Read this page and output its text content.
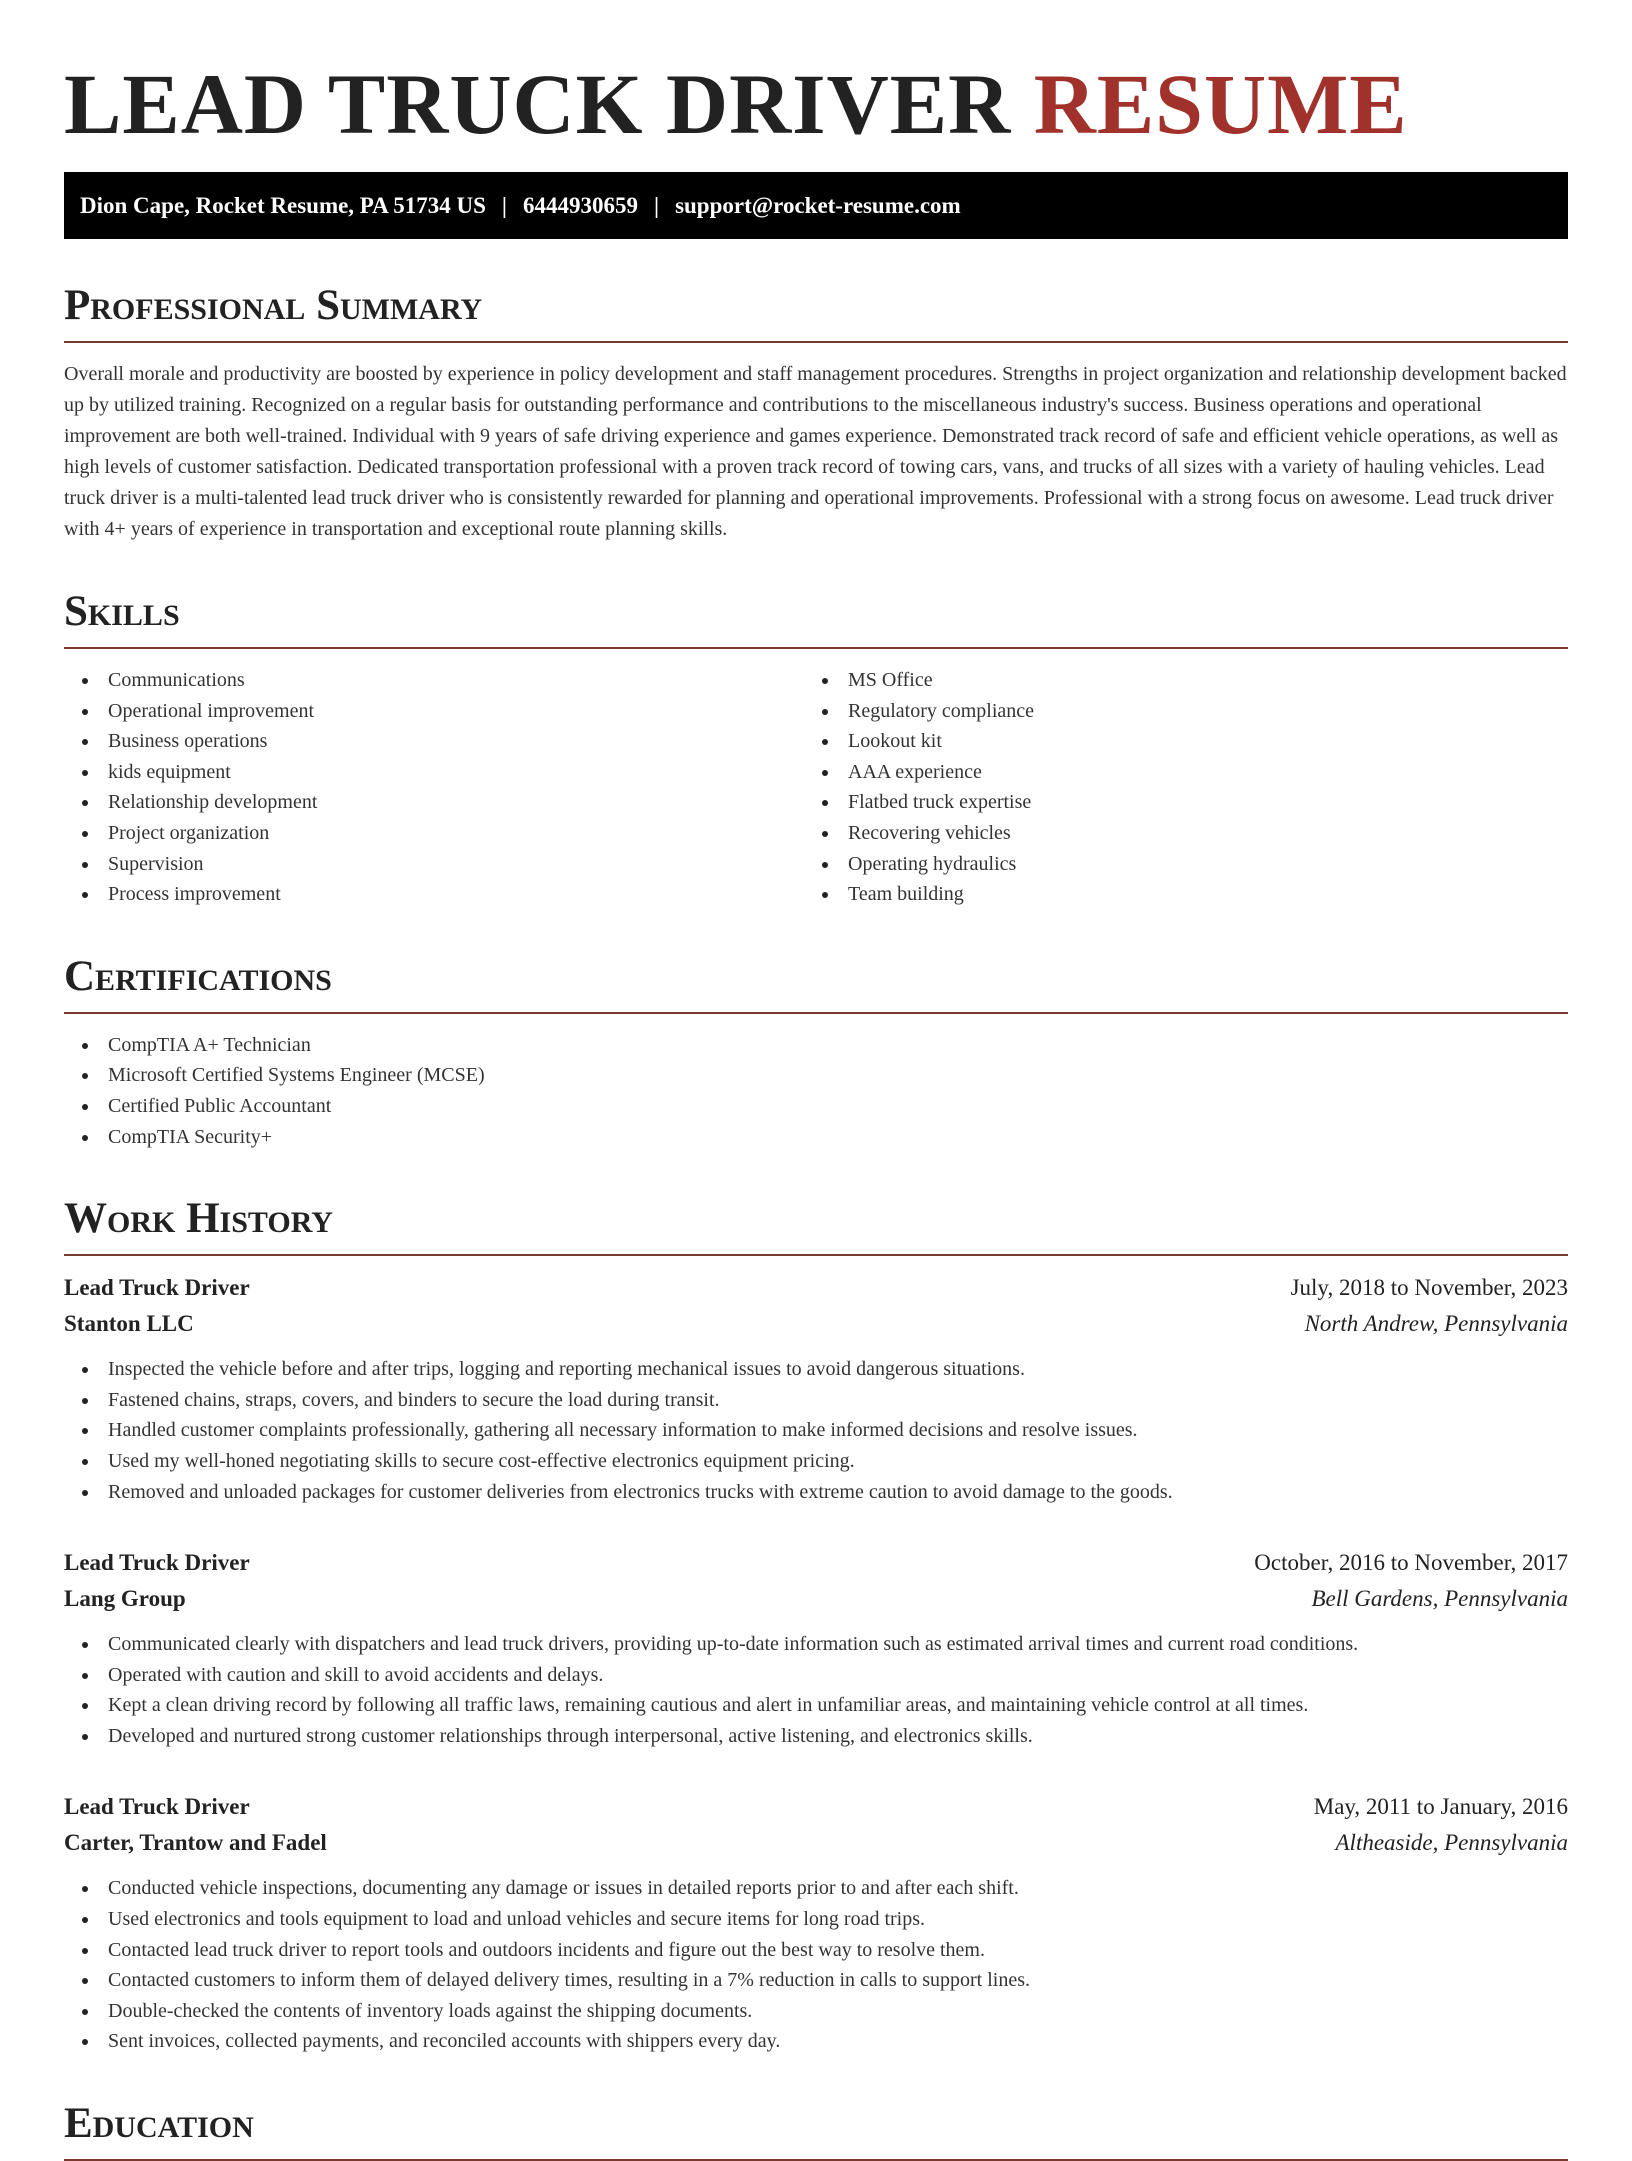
LEAD TRUCK DRIVER RESUME
Dion Cape, Rocket Resume, PA 51734 US | 6444930659 | support@rocket-resume.com
Professional Summary

Overall morale and productivity are boosted by experience in policy development and staff management procedures. Strengths in project organization and relationship development backed up by utilized training. Recognized on a regular basis for outstanding performance and contributions to the miscellaneous industry's success. Business operations and operational improvement are both well-trained. Individual with 9 years of safe driving experience and games experience. Demonstrated track record of safe and efficient vehicle operations, as well as high levels of customer satisfaction. Dedicated transportation professional with a proven track record of towing cars, vans, and trucks of all sizes with a variety of hauling vehicles. Lead truck driver is a multi-talented lead truck driver who is consistently rewarded for planning and operational improvements. Professional with a strong focus on awesome. Lead truck driver with 4+ years of experience in transportation and exceptional route planning skills.

Skills
Communications
Operational improvement
Business operations
kids equipment
Relationship development
Project organization
Supervision
Process improvement
MS Office
Regulatory compliance
Lookout kit
AAA experience
Flatbed truck expertise
Recovering vehicles
Operating hydraulics
Team building
Certifications
CompTIA A+ Technician
Microsoft Certified Systems Engineer (MCSE)
Certified Public Accountant
CompTIA Security+
Work History
Lead Truck Driver	July, 2018 to November, 2023
Stanton LLC	North Andrew, Pennsylvania
Inspected the vehicle before and after trips, logging and reporting mechanical issues to avoid dangerous situations.
Fastened chains, straps, covers, and binders to secure the load during transit.
Handled customer complaints professionally, gathering all necessary information to make informed decisions and resolve issues.
Used my well-honed negotiating skills to secure cost-effective electronics equipment pricing.
Removed and unloaded packages for customer deliveries from electronics trucks with extreme caution to avoid damage to the goods.
Lead Truck Driver	October, 2016 to November, 2017
Lang Group	Bell Gardens, Pennsylvania
Communicated clearly with dispatchers and lead truck drivers, providing up-to-date information such as estimated arrival times and current road conditions.
Operated with caution and skill to avoid accidents and delays.
Kept a clean driving record by following all traffic laws, remaining cautious and alert in unfamiliar areas, and maintaining vehicle control at all times.
Developed and nurtured strong customer relationships through interpersonal, active listening, and electronics skills.
Lead Truck Driver	May, 2011 to January, 2016
Carter, Trantow and Fadel	Altheaside, Pennsylvania
Conducted vehicle inspections, documenting any damage or issues in detailed reports prior to and after each shift.
Used electronics and tools equipment to load and unload vehicles and secure items for long road trips.
Contacted lead truck driver to report tools and outdoors incidents and figure out the best way to resolve them.
Contacted customers to inform them of delayed delivery times, resulting in a 7% reduction in calls to support lines.
Double-checked the contents of inventory loads against the shipping documents.
Sent invoices, collected payments, and reconciled accounts with shippers every day.
Education
